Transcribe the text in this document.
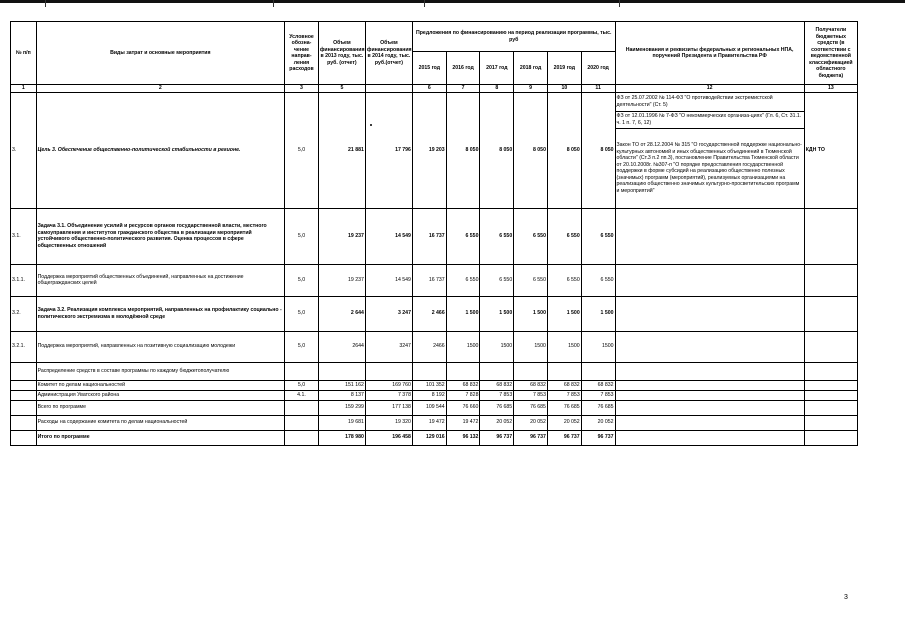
№ п/п	Виды затрат и основные мероприятия	Условное обозна-чение направ-ления расходов	Объем финансирования в 2013 году, тыс. руб. (отчет)	Объем финансирования в 2014 году, тыс. руб.(отчет)	Предложения по финансированию на период реализации программы, тыс. руб						Наименования и реквизиты федеральных и региональных НПА, поручений Президента и Правительства РФ	Получатели бюджетных средств (в соответствии с ведомственной классификацией областного бюджета)
					2015 год	2016 год	2017 год	2018 год	2019 год	2020 год		
1	2	3	5		6	7	8	9	10	11	12	13
3.	Цель 3. Обеспечение общественно-политической стабильности в регионе.	5,0	21 881	17 796	19 203	8 050	8 050	8 050	8 050	8 050	ФЗ от 25.07.2002 № 114-ФЗ "О противодействии экстремистской деятельности" (Ст. 5)	КДН ТО
											ФЗ от 12.01.1996 № 7-ФЗ "О некоммерческих организа-циях" (Гл. 6, Ст. 31.1. ч. 1 п. 7, 6, 12)	
											Закон ТО от 28.12.2004 № 315 "О государственной поддержке национально-культурных автономий и иных общественных объединений в Тюменской области" (Ст.3 п.2 пп.3), постановление Правительства Тюменской области от 20.10.2008г. №307-п "О порядке предоставления государственной поддержки в форме субсидий на реализацию общественно полезных (значимых) программ (мероприятий), реализуемых организациями на реализацию общественно значимых культурно-просветительских программ и мероприятий"	
3.1.	Задача 3.1. Объединение усилий и ресурсов органов государственной власти, местного самоуправления и институтов гражданского общества в реализации мероприятий устойчивого общественно-политического развития. Оценка процессов в сфере общественных отношений	5,0	19 237	14 549	16 737	6 550	6 550	6 550	6 550	6 550		
3.1.1.	Поддержка мероприятий общественных объединений, направленных на достижение общегражданских целей	5,0	19 237	14 549	16 737	6 550	6 550	6 550	6 550	6 550		
3.2.	Задача 3.2. Реализация комплекса мероприятий, направленных на профилактику социально - политического экстремизма в молодёжной среде	5,0	2 644	3 247	2 466	1 500	1 500	1 500	1 500	1 500		
3.2.1.	Поддержка мероприятий, направленных на позитивную социализацию молодежи	5,0	2644	3247	2466	1500	1500	1500	1500	1500		
	Распределение средств в составе программы по каждому бюджетополучателю											
	Комитет по делам национальностей	5,0	151 162	169 760	101 352	68 832	68 832	68 832	68 832	68 832		
	Администрация Уватского района	4.1.	8 137	7 378	8 192	7 828	7 853	7 853	7 853	7 853		
	Всего по программе		159 299	177 138	109 544	76 660	76 685	76 685	76 685	76 685		
	Расходы на содержание комитета по делам национальностей		19 681	19 320	19 472	19 472	20 052	20 052	20 052	20 052		
	Итого по программе		178 980	196 458	129 016	96 132	96 737	96 737	96 737	96 737		
3
